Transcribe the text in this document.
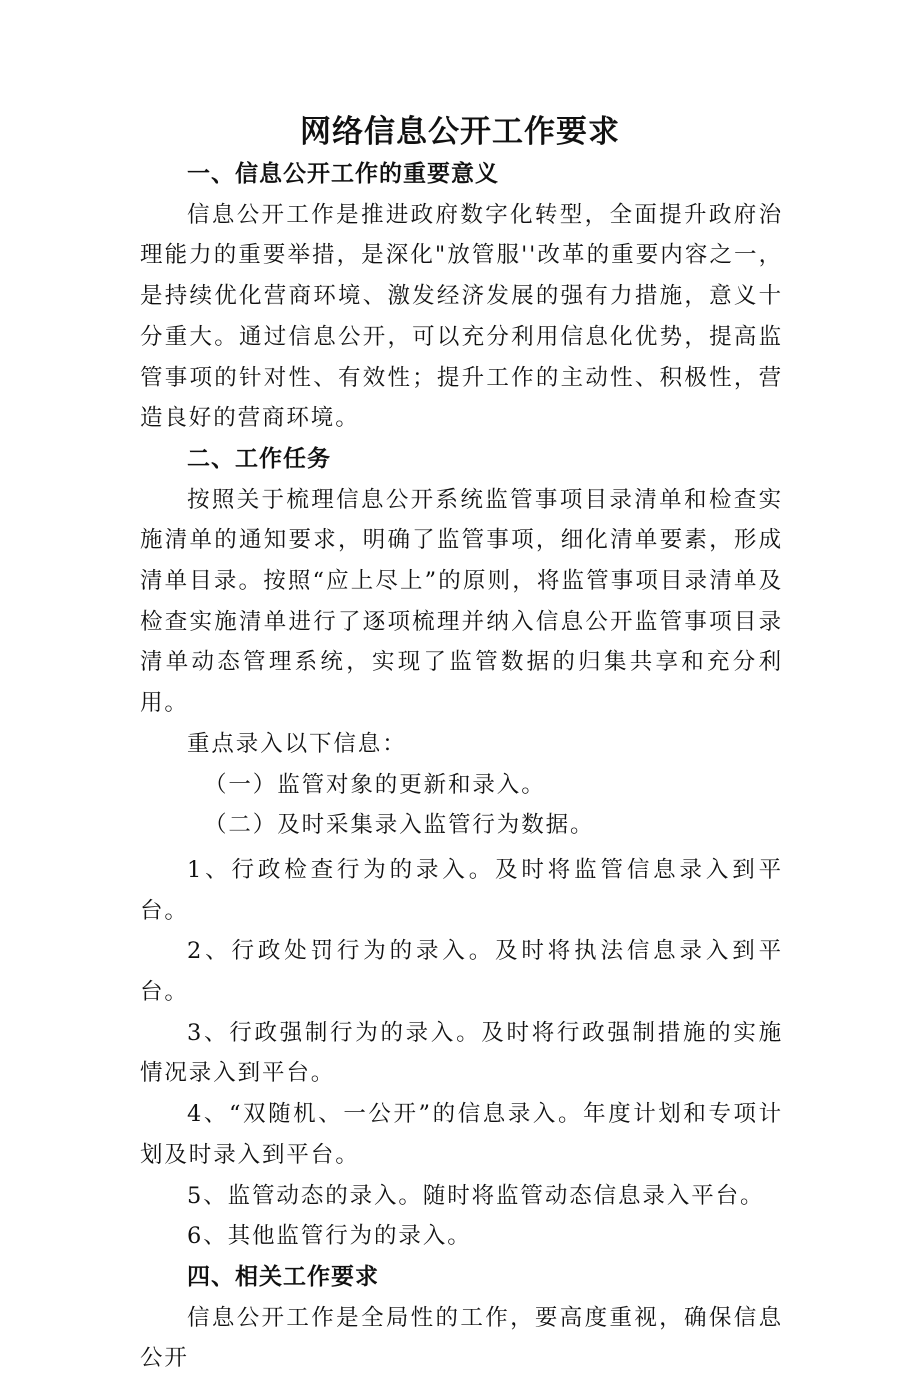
网络信息公开工作要求

一、信息公开工作的重要意义

信息公开工作是推进政府数字化转型，全面提升政府治理能力的重要举措，是深化"放管服''改革的重要内容之一，是持续优化营商环境、激发经济发展的强有力措施，意义十分重大。通过信息公开，可以充分利用信息化优势，提高监管事项的针对性、有效性；提升工作的主动性、积极性，营造良好的营商环境。

二、工作任务

按照关于梳理信息公开系统监管事项目录清单和检查实施清单的通知要求，明确了监管事项，细化清单要素，形成清单目录。按照“应上尽上”的原则，将监管事项目录清单及检查实施清单进行了逐项梳理并纳入信息公开监管事项目录清单动态管理系统，实现了监管数据的归集共享和充分利用。

重点录入以下信息：

（一）监管对象的更新和录入。

（二）及时采集录入监管行为数据。

1、行政检查行为的录入。及时将监管信息录入到平台。

2、行政处罚行为的录入。及时将执法信息录入到平台。

3、行政强制行为的录入。及时将行政强制措施的实施情况录入到平台。

4、“双随机、一公开”的信息录入。年度计划和专项计划及时录入到平台。

5、监管动态的录入。随时将监管动态信息录入平台。

6、其他监管行为的录入。

四、相关工作要求

信息公开工作是全局性的工作，要高度重视，确保信息公开
